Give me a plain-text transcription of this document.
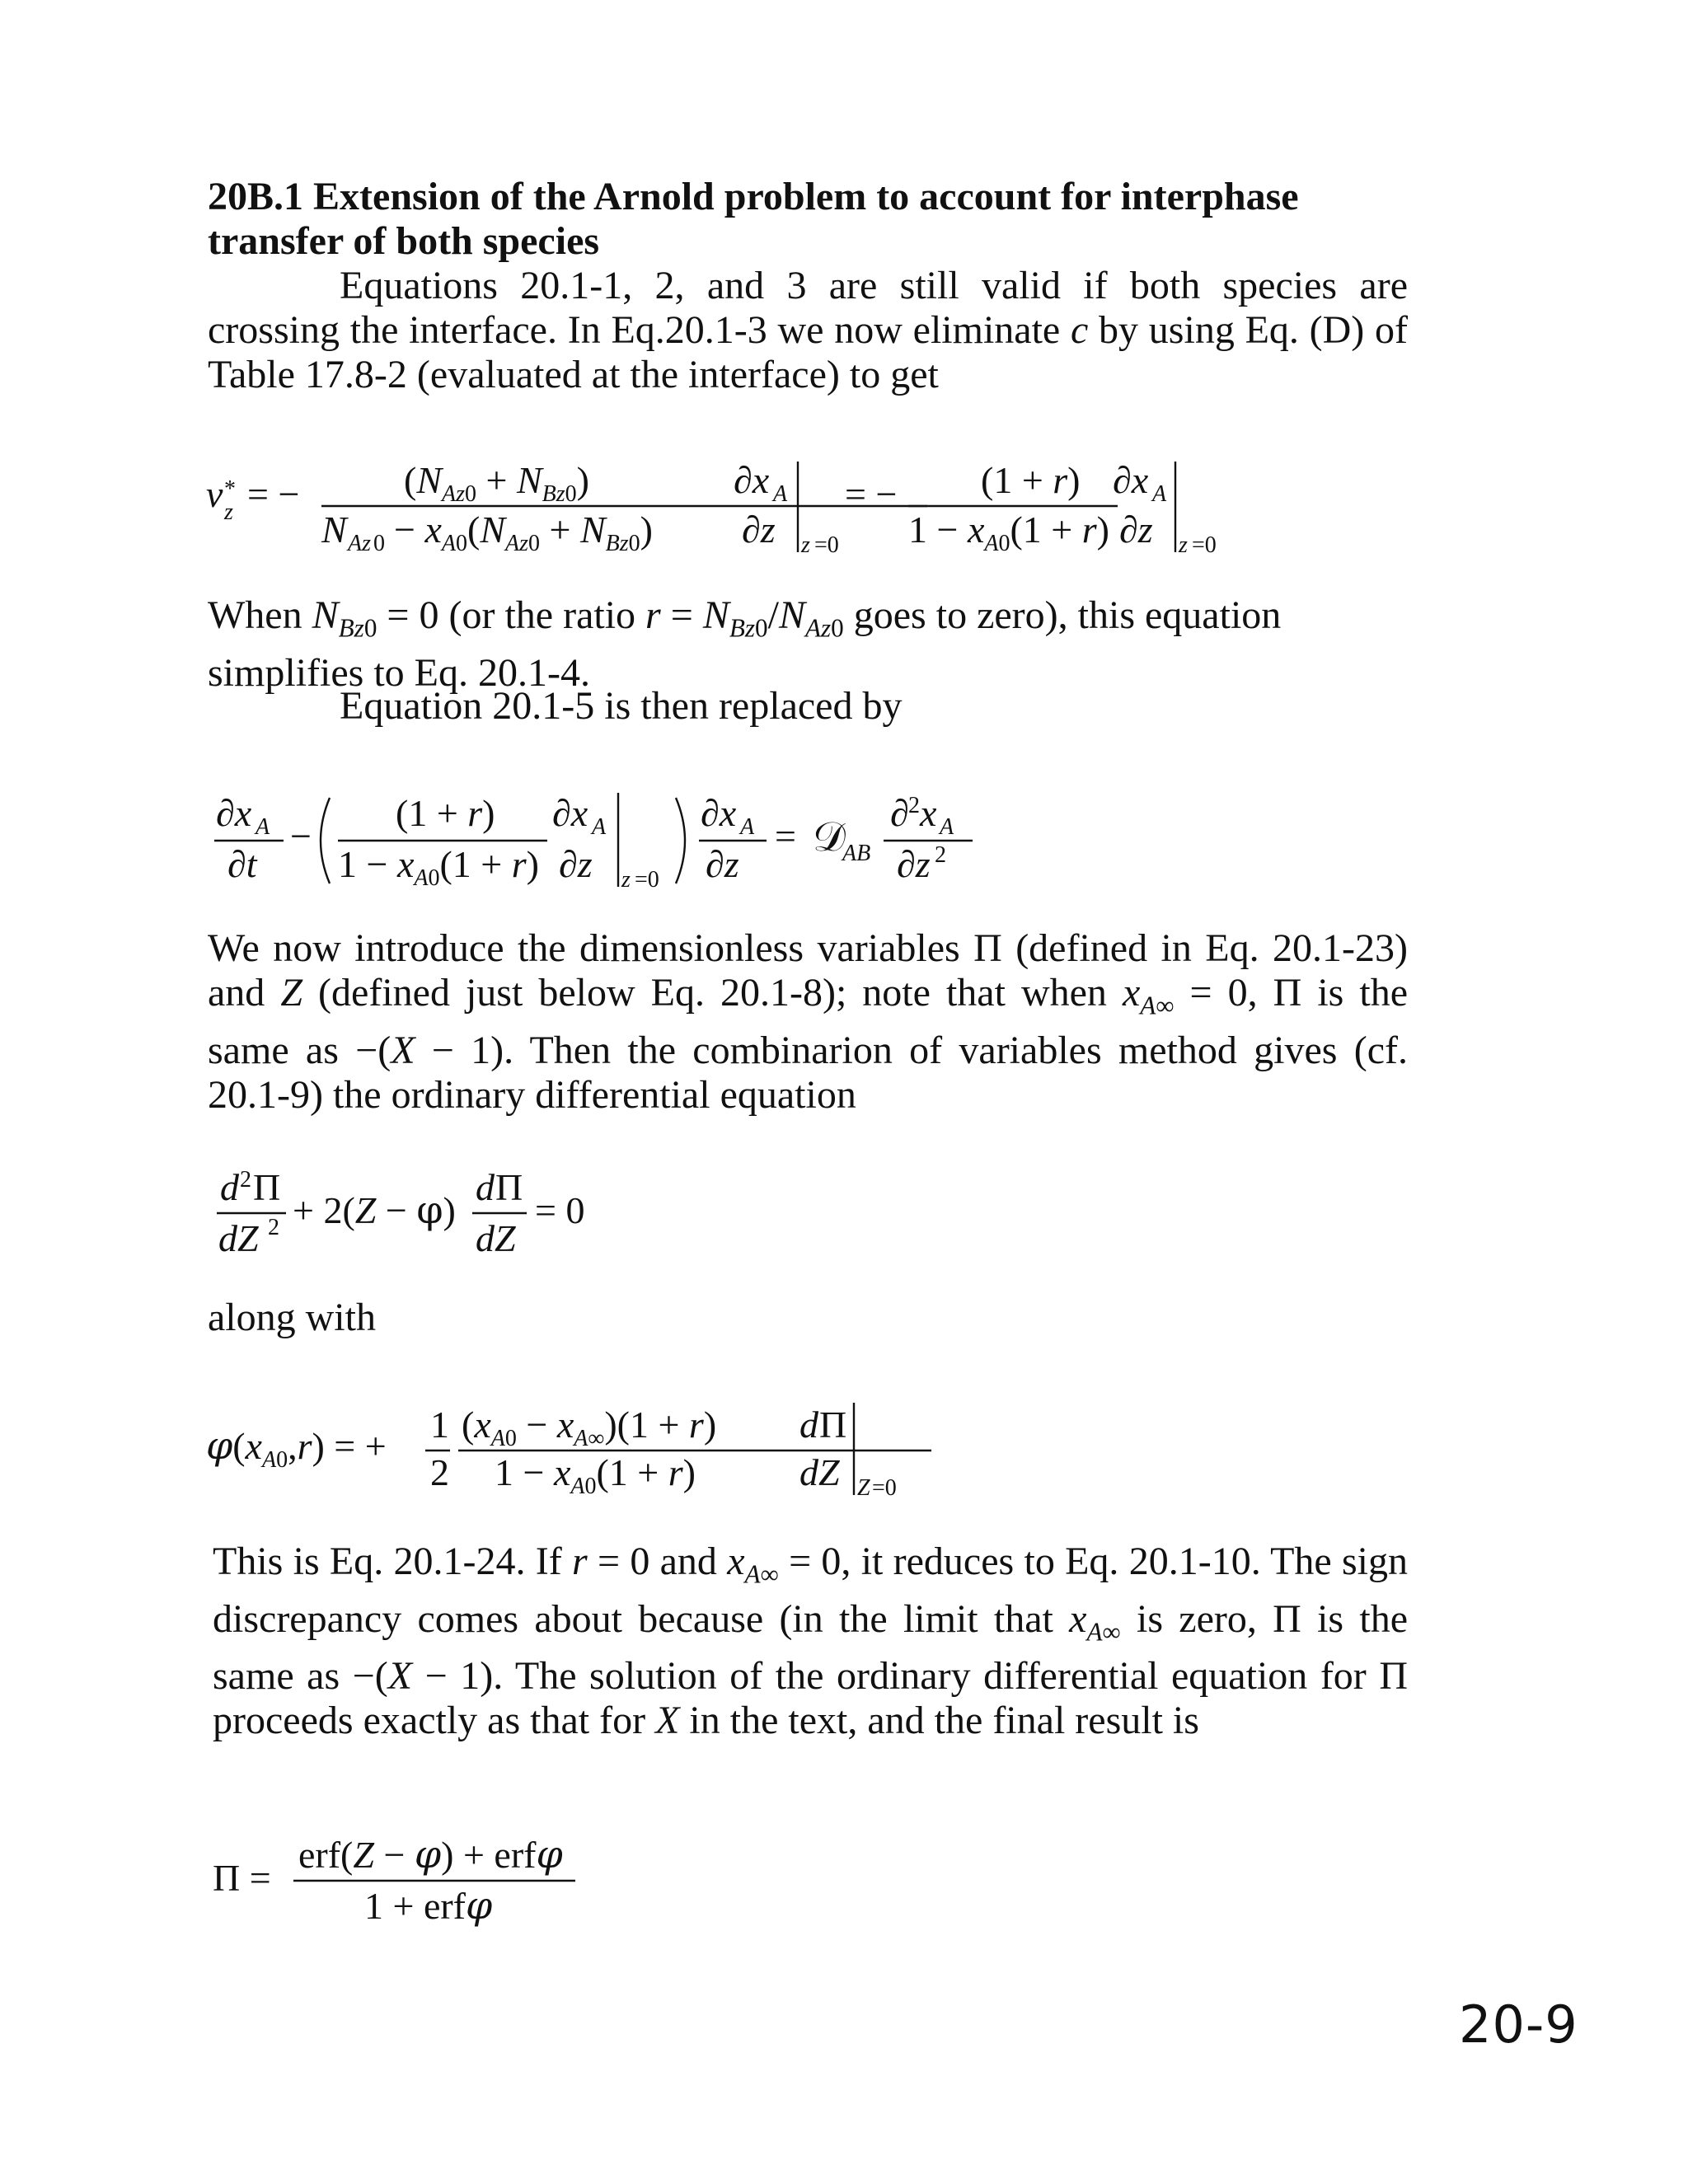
20B.1 Extension of the Arnold problem to account for interphase
transfer of both species
Equations 20.1-1, 2, and 3 are still valid if both species are crossing the interface. In Eq.20.1-3 we now eliminate c by using Eq. (D) of Table 17.8-2 (evaluated at the interface) to get
v *
z = −	$(N_{Az}0 + N_{Bz}0)$
N Az $0 - x_A0(N_{Az}0 + N_{Bz}0)$
∂x A
∂z z =0
= − (1 + r)
$1 - x_A0(1 + r)$
∂x A
∂z z =0
When $N_{Bz0} = 0$ (or the ratio $r = N_{Bz0}/N_{Az0}$ goes to zero), this equation simplifies to Eq. 20.1-4.
Equation 20.1-5 is then replaced by
∂x A
∂t
−
(1 + r)
$1 - x_A0(1 + r)$
∂x A
∂z z =0
∂x A
∂z
= 𝒟
AB
∂ 2 x A
∂z 2
We now introduce the dimensionless variables Π (defined in Eq. 20.1-23) and Z (defined just below Eq. 20.1-8); note that when $x_{A\infty} = 0$, Π is the same as −(X − 1). Then the combinarion of variables method gives (cf. 20.1-9) the ordinary differential equation
d 2 Π
dZ 2 + 2(Z − φ)
d Π
dZ
= 0
along with
$\varphi(x_A0,r)$ = +
1
2
$(x_A0 - x_A\infty)(1 + r)$
$1 - x_A0(1 + r)$
d Π
dZ Z =0
This is Eq. 20.1-24. If r = 0 and $x_{A\infty} = 0$, it reduces to Eq. 20.1-10. The sign discrepancy comes about because (in the limit that $x_{A\infty}$ is zero, Π is the same as −(X − 1). The solution of the ordinary differential equation for Π proceeds exactly as that for X in the text, and the final result is
Π =
erf(Z − φ) + erfφ
1 + erfφ
20-9
